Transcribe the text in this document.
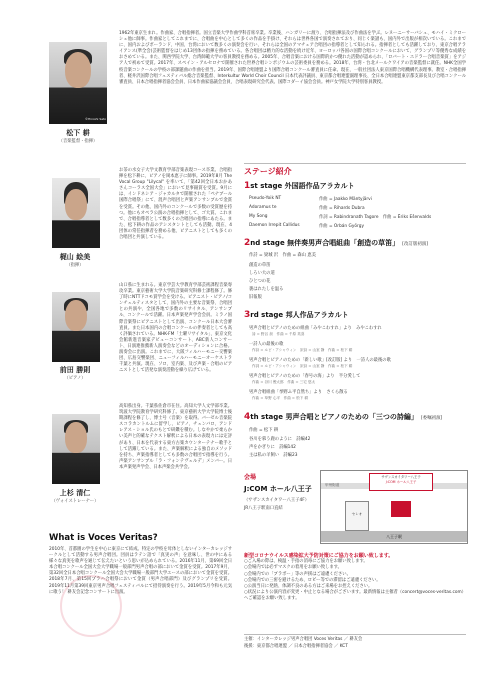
©Hiroshi Sato
松下 耕
（音楽監督・指揮）
1962年東京生まれ。作曲家、合唱指揮者。国立音楽大学作曲学科首席卒業。卒業後、ハンガリーに渡り、合唱指揮法及び作曲法を学ぶ。レヌーニーサーバシュ、モハイ・ミクローシュ他に師事。作曲家としてこれまでに、合唱曲を中心として多くの作品を手掛け、それらは世界各国で演奏されており、同じく楽譜も、国内外で出版が相次いでいる。これまでに、国内およびポーランド、中国、台湾において数多くの演奏会を行い、それらは全国のアマチュア合唱団の指導者として知られる。指揮者としても活躍しており、東京合唱アライアンス(準全会)芸術監督をはじめ13団体の指揮を務めている。各合唱団は精力的な活動を続け近年、ヨーロッパ各国の国際合唱コンクールにおいて、グランプリ等優秀な成績をおさめている。また、関西学院大学、台湾師範大学の客員教授を務める。2005年、合唱音楽における国際的かつ優れた活動が認められ、「ロバート・エドラー合唱音楽賞」をアジア人で初めて受賞。2017年、スペイン・アルセロナで開催された世界合唱シンポジウムの芸術委員を務める。2018年、台湾・台北メールクワイアの音楽監督に就任。NHK全国学校音楽コンクールの学校の部課題曲の作曲を担当。2019年、国際合唱連盟より国際合唱コンクール審査員に任命。現在、一般社団法人東京国際合唱機構代表理事。教室・合唱指揮者、軽井沢国際合唱フェスティバル総合音楽監督、Interkultur World Choir Council 日本代表評議員、東京都合唱連盟副理事長、全日本合唱連盟東京都支部長及び合唱コンクール審査員、日本合唱指揮者協会会員、日本作曲家協議会会員、合唱表現研究会代表。国際コダーイ協会会員。神戸女学院大学特別客員教授。
梶山 絵美
（指揮）
お茶の水女子大学文教育学部音楽表現コース卒業。合唱指揮を松下耕に、ピアノを岡本恵子に師事。2019年8月 The Vocal Group "Lilycal" を率いて、「第42回全日本おかあさんコーラス全国大会」において見事銀賞を受賞。9月には、インドネシア・ジャカルタで開催された「ペナブール国際合唱祭」にて、混声合唱団と声楽アンサンブルで金賞を受賞。その他、国内外のコンクールで多数の受賞歴を持つ。他にもオペラ公演の合唱指揮として、ゴ大賞。これまで、合唱指導者として数多くの合唱団の指導にあたる。また、松下耕の作品のアシスタントとしても活動。現在、4団体の常任指揮者を務める他、ピアニストとしても多くの合唱団と共演している。
前田 勝則
（ピアノ）
山口県に生まれる。東京学芸大学教育学部芸術課程音楽専攻卒業。東京藝術大学大学院音楽研究科修士課程修了。修了時にNTTドコモ賞学会を受ける。ピアニスト・ピアノ/コンチェルティスタとして、国内外の主要な音楽祭、合唱団との共演や、全国各地で多数のリサイタル、アンサンブル、コンクールで活躍。日本声楽発声学会会員。ミラノ国際音楽祭にピアニストとして出演、コンクール日本大会審査員。また日本国内の合唱コンクールの伴奏者としても高く評価されている。NHK-FM「土曜リサイタル」、東京文化会館新進音楽家デビューコンサート、ABC新人コンサート、日演連推薦新人演奏会などのオーディションに合格。演奏会に出演。これまでに、大阪フィルハーモニー交響楽団、広島交響楽団、ニューフィルハーモニーオーケストラ千葉と共演。現在、ソロ、室内楽、及び声楽・合唱のピアニストとして活発な演奏活動を繰り広げている。
上杉 清仁
（ヴォイストレーナー）
高知県出身。千葉県佐倉市在住。高知大学人文学部卒業。筑波大学院教育学研究科修了。東京藝術大学大学院博士後期課程を修了し、博士号（音楽）を取得。バーゼル音楽院スコラカントルムに留学し、ピアノ、チェンバロ、アンドレアス・ショル氏のもとで研鑽を積む。しなやかで柔らかい美声と的確なテクスト解釈による日本の表現力には定評があり、日本を代表する東方古楽カウンターテナー歌手として活躍している。また、声楽解釈による独自のメソッドを持ち、声楽指導者としても多数の合唱団で指導を行う。声楽アンサンブル「ラ・フォンテヴェルデ」メンバー。日本声楽発声学会、日本声楽会共学会。
What is Voces Veritas?
2010年、首都圏の学生を中心に東京にて結成。特定の学校を母体としないインターカレッジサークルとして活動する男声合唱団。団員はラテン語で「真実の声」を意味し、世の中にある様々な真実を歌声を通じて伝えたいという思いが込められている。2016年11月、第69回全日本合唱コンクール全国大会大学職場一般部門男声合唱の部において金賞を受賞。2017年9月、第32回全日本合唱コンクール全国大会大学職場一般部門大学ユースの部において金賞を受賞。2018年7月、第15回プラハ合唱祭において金賞（男声合唱部門）及びグランプリを受賞。2019年11月第39回東京男声合唱フェスティバルにて招待演奏を行う。2019年5月今和も元気に歌う！ 耕友会記念コンサートに出演。
ステージ紹介
1st stage 外国語作品アラカルト
Pseudo-Yoik NT	作曲 = Jaakko Mäntyjärvi
Adoramus te	作曲 = Rihards Dubra
My Song	作詞 = Rabindranath Tagore　作曲 = Ēriks Ešenvalds
Daemon Irrepit Callidus	作曲 = Orbán György
2nd stage 無伴奏男声合唱組曲「創造の草笛」 [改訂版初演]
作詩 = 梁城 沢　作曲 = 森山 恵美
創造の草笛
しろい大の道
ひとつの花
裏はれたしを温る
旧報版
3rd stage 邦人作品アラカルト
男声合唱とピアノのための組曲「みやこわすれ」より　みやこわすれ
詩 = 野呂 昶　作曲 = 千原 英喜
一詩人の最後の歌
作詩 = ルビ・アシャウィン　訳詩 = 山室 静　作曲 = 松下 耕
男声合唱とピアノのための「新しい歌」[改訂版] より　一詩人の最後の歌
作詞 = ルビ・アシャウィン　訳詩 = 山室 静　作曲 = 松下 耕
男声合唱とピアノのための「春号の海」より　半分愛して
作曲 = 谷川 俊太郎　作曲 = 三宅 悠太
男声合唱組曲「挙野ふ平自然ち」より　さくら散る
作曲 = 草野 心平　作曲 = 松下 耕
4th stage 男声合唱とピアノのための「三つの詩編」 [委嘱初演]
作曲 = 松下 耕
谷川を慕う鹿のように　詩編42
声をかぎりに　詩編142
主は私の羊飼い　詩編23
会場
J:COM ホール八王子
（サザンスカイタワー八王子4F）
JR八王子駅南口直結
甲州街道
サザンスカイタワー八王子
J:COM ホール八王子
セレオ
八王子駅
新型コロナウイルス感染拡大予防対策にご協力をお願い致します。
○ご入場の際は、検温・手指の消毒にご協力をお願い致します。
○会場内では必ずマスクの着用をお願い致します。
○会場内での「ブラボー」等の声援はご遠慮ください。
○会場内での三密を避けるため、ロビー等での滞留はご遠慮ください。
○公演当日に発熱、体調不良のある方はご来場をお控えください。
○状況により公演内容が変更・中止となる場合がございます。最新情報は主催者（concert@voces-veritas.com）へご確認をお願い致します。
主催：インターカレッジ男声合唱団 Voces Veritas ／ 耕友会
後援：東京都合唱連盟 ／ 日本合唱指揮者協会 ／ KCT
